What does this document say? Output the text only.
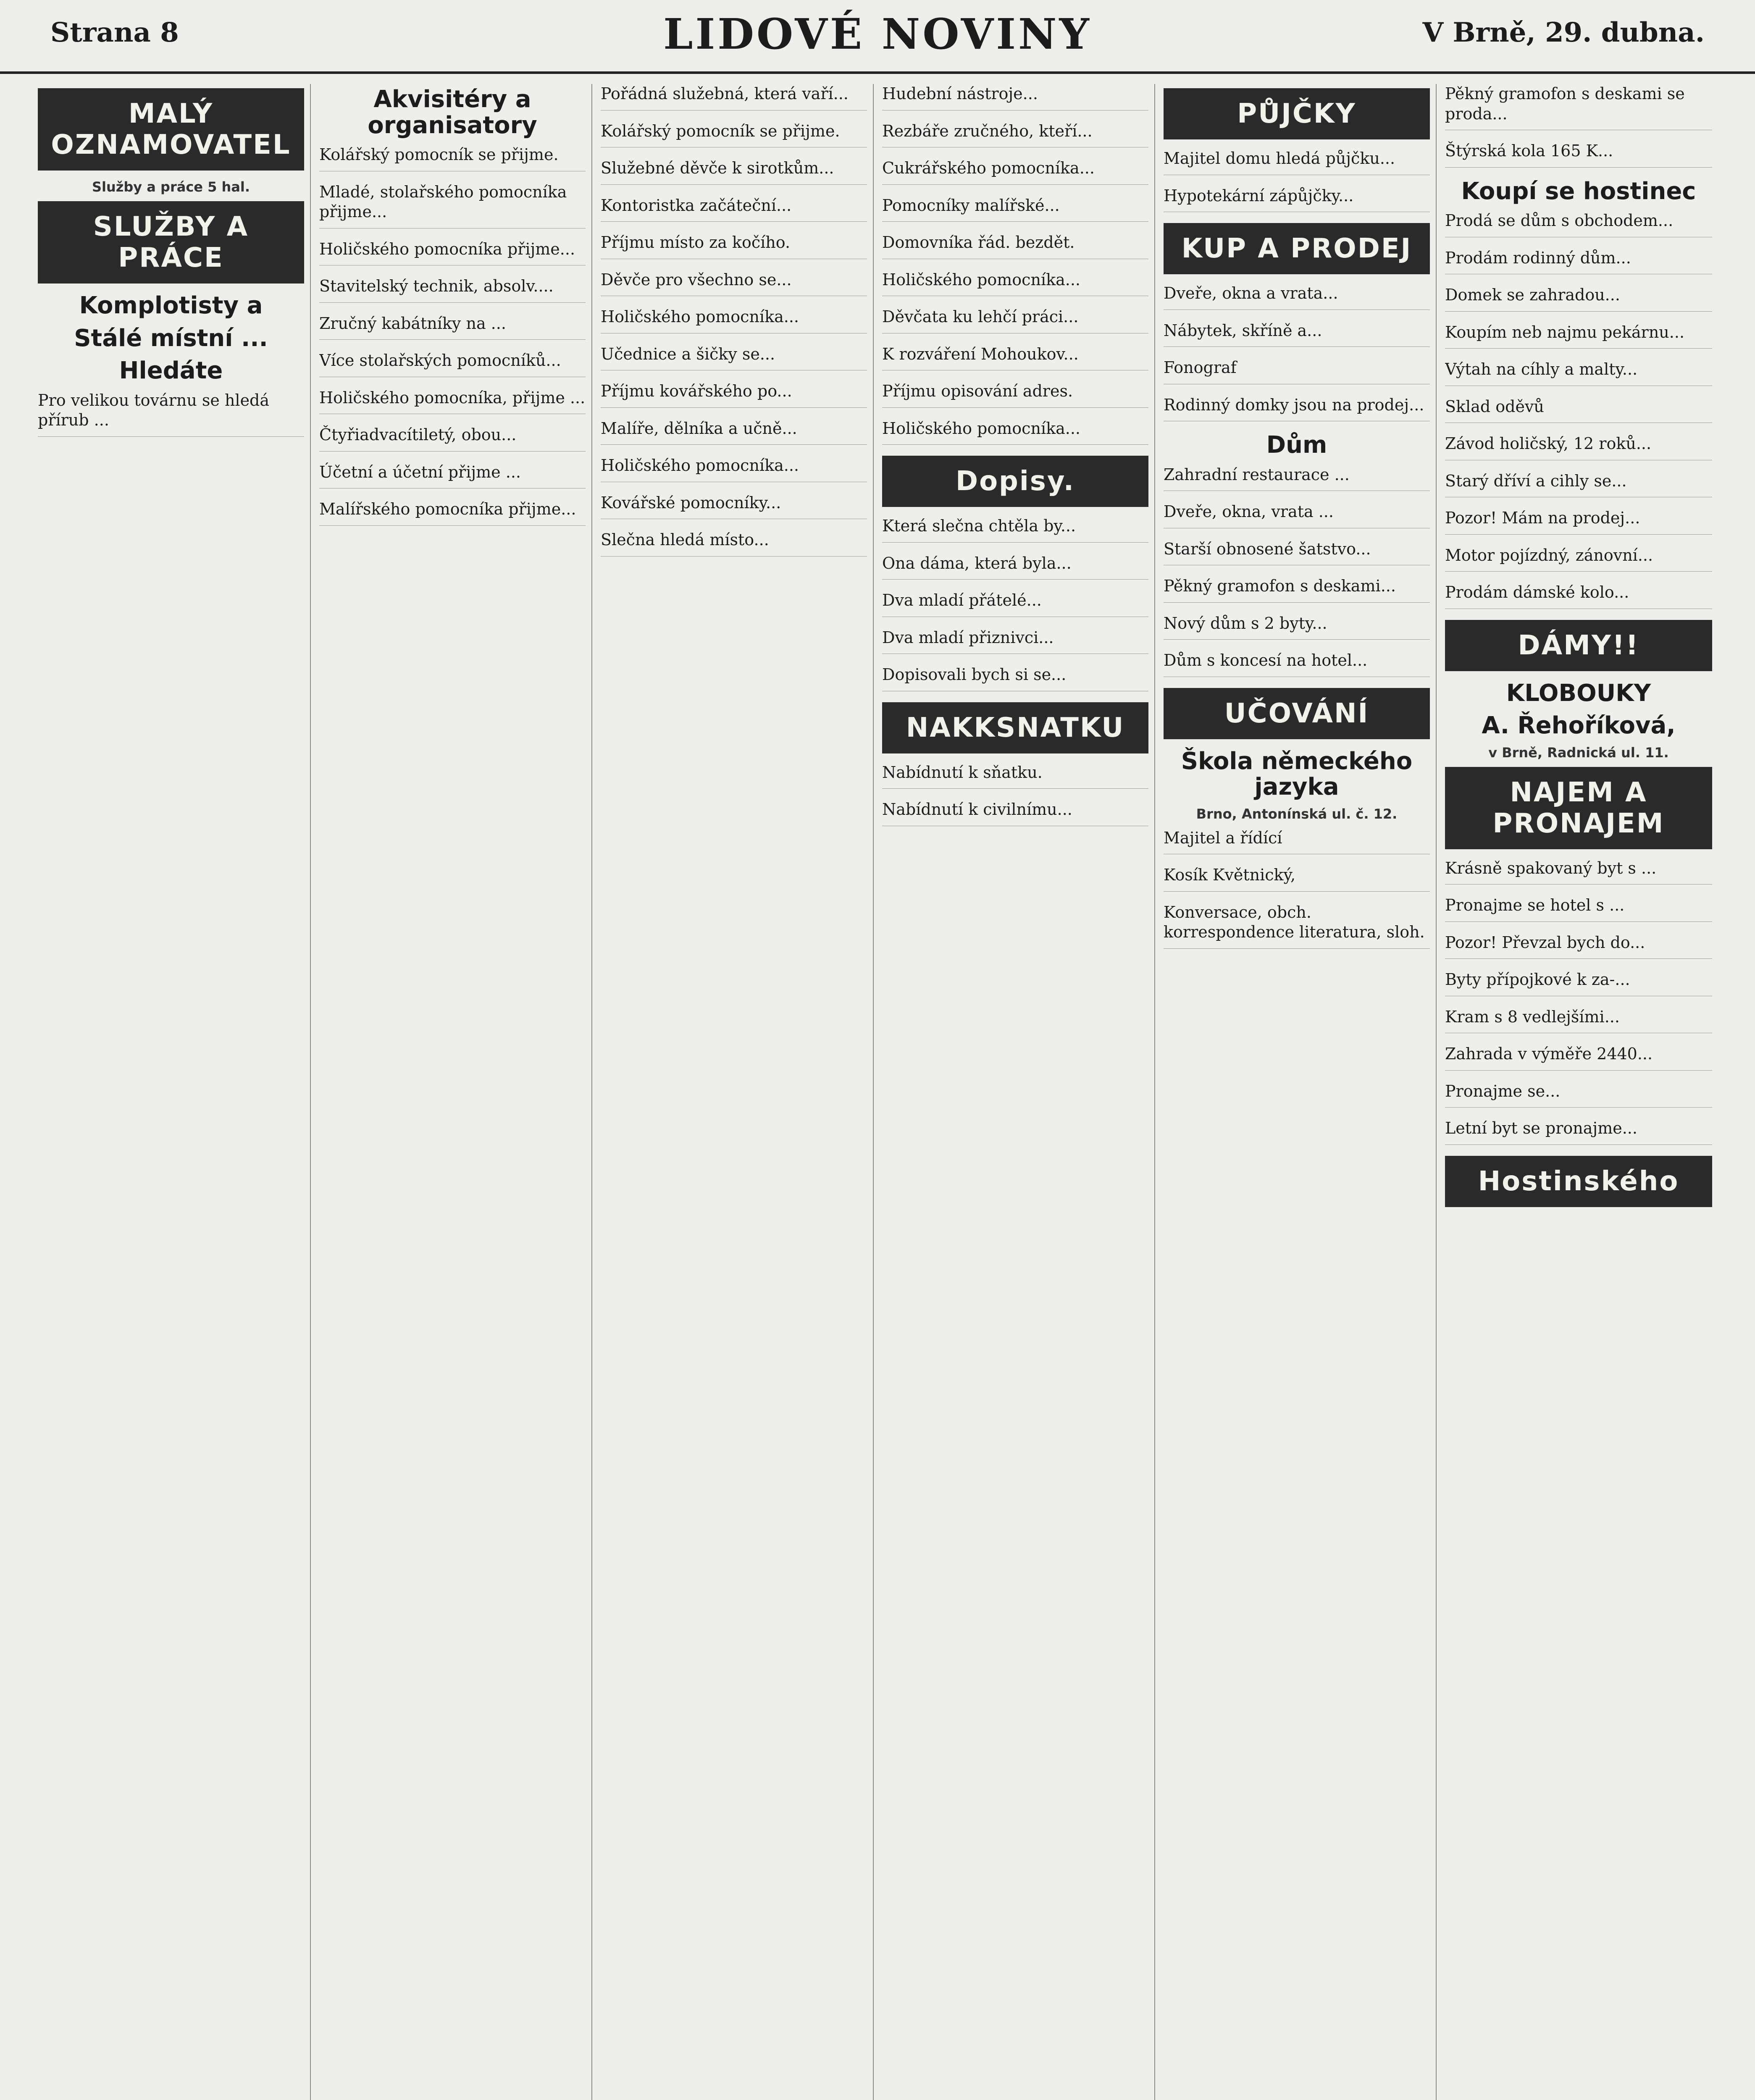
Strana 8	LIDOVÉ NOVINY	V Brně, 29. dubna.
MALÝ OZNAMOVATEL
Služby a práce 5 hal.
SLUŽBY A PRÁCE
Komplotisty a
Stálé místní ...
Hledáte
Pro velikou továrnu se hledá přírub ...
Akvisitéry a organisatory
Kolářský pomocník se přijme.
Mladé, stolařského pomocníka přijme...
Holičského pomocníka přijme...
Stavitelský technik, absolv....
Zručný kabátníky na ...
Více stolařských pomocníků...
Holičského pomocníka, přijme ...
Čtyřiadvacítiletý, obou...
Účetní a účetní přijme ...
Malířského pomocníka přijme...
Pořádná služebná, která vaří...
Kolářský pomocník se přijme.
Služebné děvče k sirotkům...
Kontoristka začáteční...
Příjmu místo za kočího.
Děvče pro všechno se...
Holičského pomocníka...
Učednice a šičky se...
Příjmu kovářského po...
Malíře, dělníka a učně...
Holičského pomocníka...
Kovářské pomocníky...
Slečna hledá místo...
Hudební nástroje...
Rezbáře zručného, kteří...
Cukrářského pomocníka...
Pomocníky malířské...
Domovníka řád. bezdět.
Holičského pomocníka...
Děvčata ku lehčí práci...
K rozváření Mohoukov...
Příjmu opisování adres.
Holičského pomocníka...
Dopisy.
Která slečna chtěla by...
Ona dáma, která byla...
Dva mladí přátelé...
Dva mladí přiznivci...
Dopisovali bych si se...
NAKKSNATKU
Nabídnutí k sňatku.
Nabídnutí k civilnímu...
PŮJČKY
Majitel domu hledá půjčku...
Hypotekární zápůjčky...
KUP A PRODEJ
Dveře, okna a vrata...
Nábytek, skříně a...
Fonograf
Rodinný domky jsou na prodej...
Dům
Zahradní restaurace ...
Dveře, okna, vrata ...
Starší obnosené šatstvo...
Pěkný gramofon s deskami...
Nový dům s 2 byty...
Dům s koncesí na hotel...
UČOVÁNÍ
Škola německého jazyka
Brno, Antonínská ul. č. 12.
Majitel a řídící
Kosík Květnický,
Konversace, obch. korrespondence literatura, sloh.
Pěkný gramofon s deskami se proda...
Štýrská kola 165 K...
Koupí se hostinec
Prodá se dům s obchodem...
Prodám rodinný dům...
Domek se zahradou...
Koupím neb najmu pekárnu...
Výtah na cíhly a malty...
Sklad oděvů
Závod holičský, 12 roků...
Starý dříví a cihly se...
Pozor! Mám na prodej...
Motor pojízdný, zánovní...
Prodám dámské kolo...
DÁMY!!
KLOBOUKY
A. Řehoříková,
v Brně, Radnická ul. 11.
NAJEM A PRONAJEM
Krásně spakovaný byt s ...
Pronajme se hotel s ...
Pozor! Převzal bych do...
Byty přípojkové k za-...
Kram s 8 vedlejšími...
Zahrada v výměře 2440...
Pronajme se...
Letní byt se pronajme...
Hostinského
